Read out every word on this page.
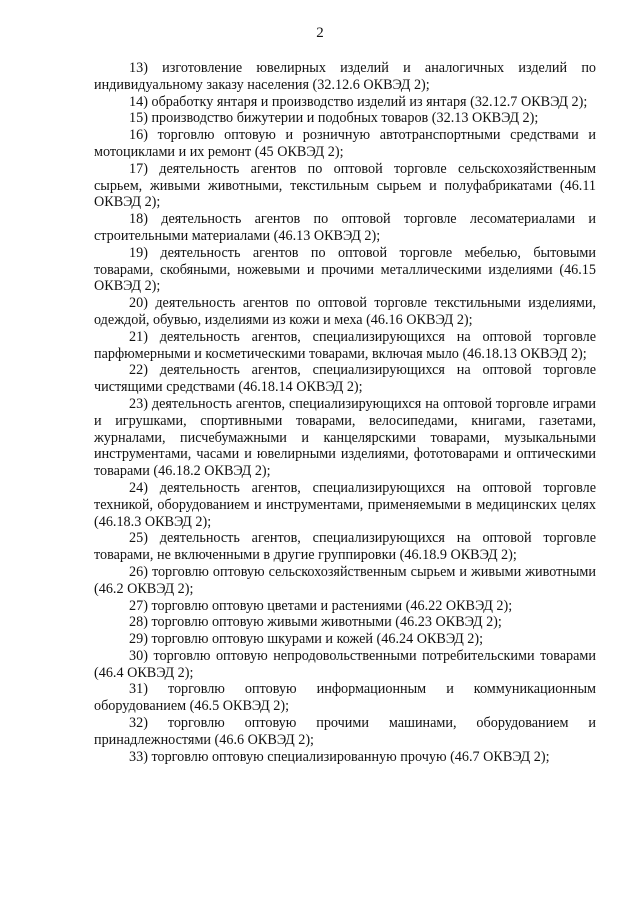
2

13) изготовление ювелирных изделий и аналогичных изделий по индивидуальному заказу населения (32.12.6 ОКВЭД 2);

14) обработку янтаря и производство изделий из янтаря (32.12.7 ОКВЭД 2);

15) производство бижутерии и подобных товаров (32.13 ОКВЭД 2);

16) торговлю оптовую и розничную автотранспортными средствами и мотоциклами и их ремонт (45 ОКВЭД 2);

17) деятельность агентов по оптовой торговле сельскохозяйственным сырьем, живыми животными, текстильным сырьем и полуфабрикатами (46.11 ОКВЭД 2);

18) деятельность агентов по оптовой торговле лесоматериалами и строительными материалами (46.13 ОКВЭД 2);

19) деятельность агентов по оптовой торговле мебелью, бытовыми товарами, скобяными, ножевыми и прочими металлическими изделиями (46.15 ОКВЭД 2);

20) деятельность агентов по оптовой торговле текстильными изделиями, одеждой, обувью, изделиями из кожи и меха (46.16 ОКВЭД 2);

21) деятельность агентов, специализирующихся на оптовой торговле парфюмерными и косметическими товарами, включая мыло (46.18.13 ОКВЭД 2);

22) деятельность агентов, специализирующихся на оптовой торговле чистящими средствами (46.18.14 ОКВЭД 2);

23) деятельность агентов, специализирующихся на оптовой торговле играми и игрушками, спортивными товарами, велосипедами, книгами, газетами, журналами, писчебумажными и канцелярскими товарами, музыкальными инструментами, часами и ювелирными изделиями, фототоварами и оптическими товарами (46.18.2 ОКВЭД 2);

24) деятельность агентов, специализирующихся на оптовой торговле техникой, оборудованием и инструментами, применяемыми в медицинских целях (46.18.3 ОКВЭД 2);

25) деятельность агентов, специализирующихся на оптовой торговле товарами, не включенными в другие группировки (46.18.9 ОКВЭД 2);

26) торговлю оптовую сельскохозяйственным сырьем и живыми животными (46.2 ОКВЭД 2);

27) торговлю оптовую цветами и растениями (46.22 ОКВЭД 2);

28) торговлю оптовую живыми животными (46.23 ОКВЭД 2);

29) торговлю оптовую шкурами и кожей (46.24 ОКВЭД 2);

30) торговлю оптовую непродовольственными потребительскими товарами (46.4 ОКВЭД 2);

31) торговлю оптовую информационным и коммуникационным оборудованием (46.5 ОКВЭД 2);

32) торговлю оптовую прочими машинами, оборудованием и принадлежностями (46.6 ОКВЭД 2);

33) торговлю оптовую специализированную прочую (46.7 ОКВЭД 2);
